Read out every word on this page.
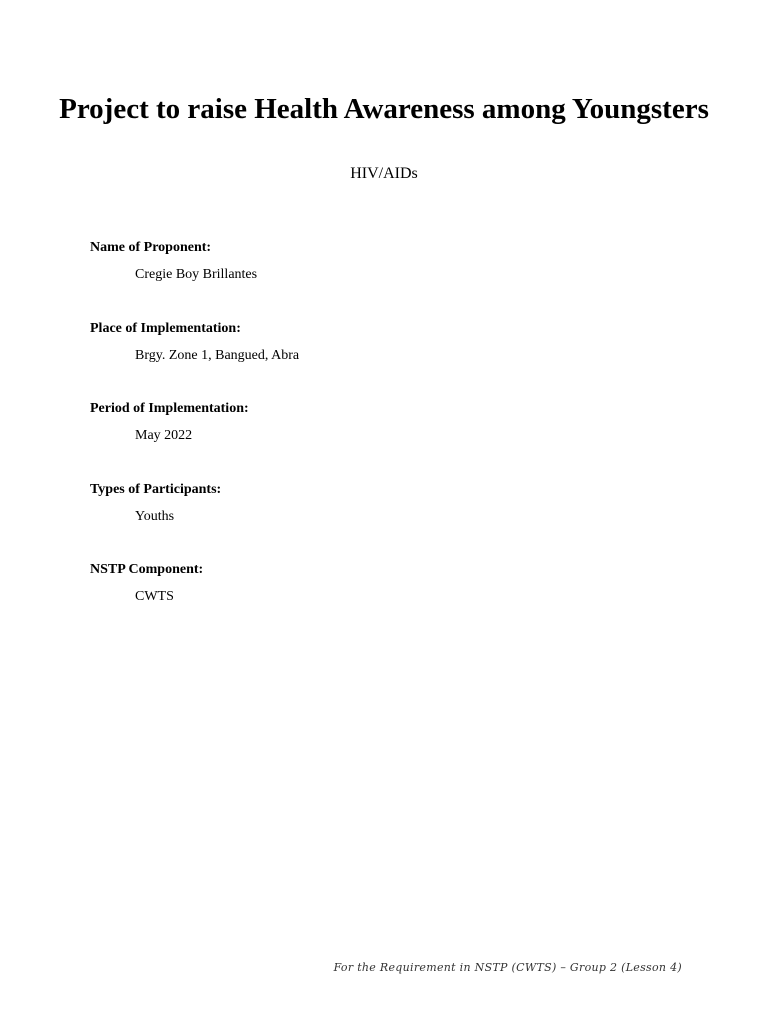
Project to raise Health Awareness among Youngsters
HIV/AIDs
Name of Proponent:
Cregie Boy Brillantes
Place of Implementation:
Brgy. Zone 1, Bangued, Abra
Period of Implementation:
May 2022
Types of Participants:
Youths
NSTP Component:
CWTS
For the Requirement in NSTP (CWTS) – Group 2 (Lesson 4)
